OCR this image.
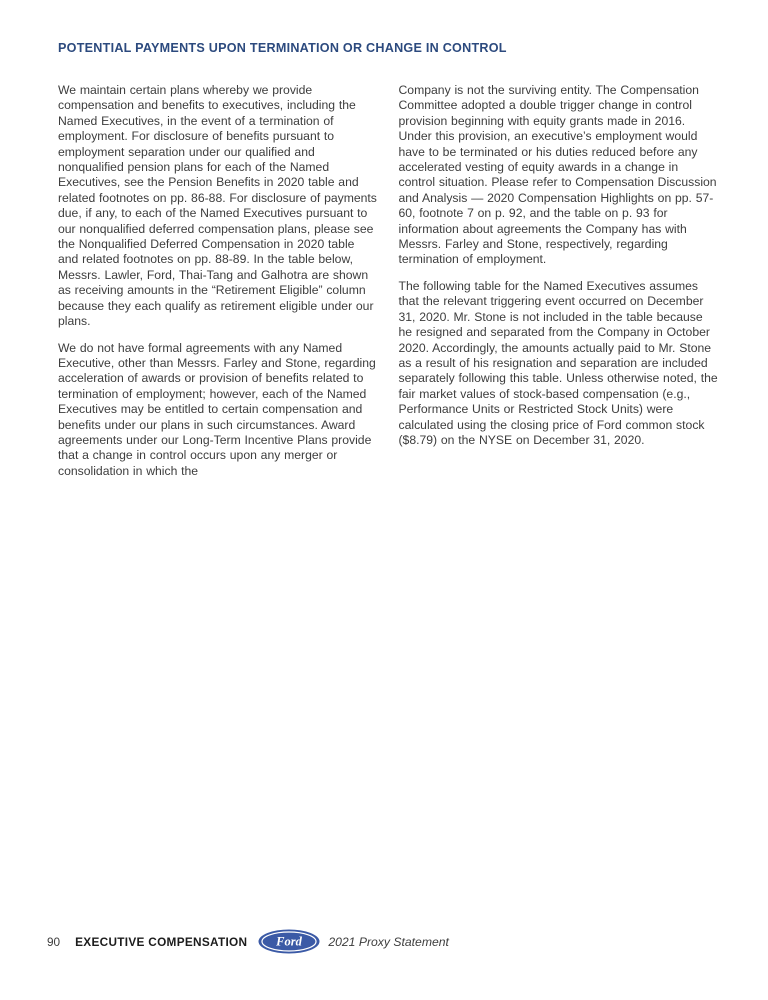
POTENTIAL PAYMENTS UPON TERMINATION OR CHANGE IN CONTROL

We maintain certain plans whereby we provide compensation and benefits to executives, including the Named Executives, in the event of a termination of employment. For disclosure of benefits pursuant to employment separation under our qualified and nonqualified pension plans for each of the Named Executives, see the Pension Benefits in 2020 table and related footnotes on pp. 86-88. For disclosure of payments due, if any, to each of the Named Executives pursuant to our nonqualified deferred compensation plans, please see the Nonqualified Deferred Compensation in 2020 table and related footnotes on pp. 88-89. In the table below, Messrs. Lawler, Ford, Thai-Tang and Galhotra are shown as receiving amounts in the “Retirement Eligible” column because they each qualify as retirement eligible under our plans.

We do not have formal agreements with any Named Executive, other than Messrs. Farley and Stone, regarding acceleration of awards or provision of benefits related to termination of employment; however, each of the Named Executives may be entitled to certain compensation and benefits under our plans in such circumstances. Award agreements under our Long-Term Incentive Plans provide that a change in control occurs upon any merger or consolidation in which the

Company is not the surviving entity. The Compensation Committee adopted a double trigger change in control provision beginning with equity grants made in 2016. Under this provision, an executive’s employment would have to be terminated or his duties reduced before any accelerated vesting of equity awards in a change in control situation. Please refer to Compensation Discussion and Analysis — 2020 Compensation Highlights on pp. 57-60, footnote 7 on p. 92, and the table on p. 93 for information about agreements the Company has with Messrs. Farley and Stone, respectively, regarding termination of employment.

The following table for the Named Executives assumes that the relevant triggering event occurred on December 31, 2020. Mr. Stone is not included in the table because he resigned and separated from the Company in October 2020. Accordingly, the amounts actually paid to Mr. Stone as a result of his resignation and separation are included separately following this table. Unless otherwise noted, the fair market values of stock-based compensation (e.g., Performance Units or Restricted Stock Units) were calculated using the closing price of Ford common stock ($8.79) on the NYSE on December 31, 2020.

90 EXECUTIVE COMPENSATION Ford 2021 Proxy Statement
